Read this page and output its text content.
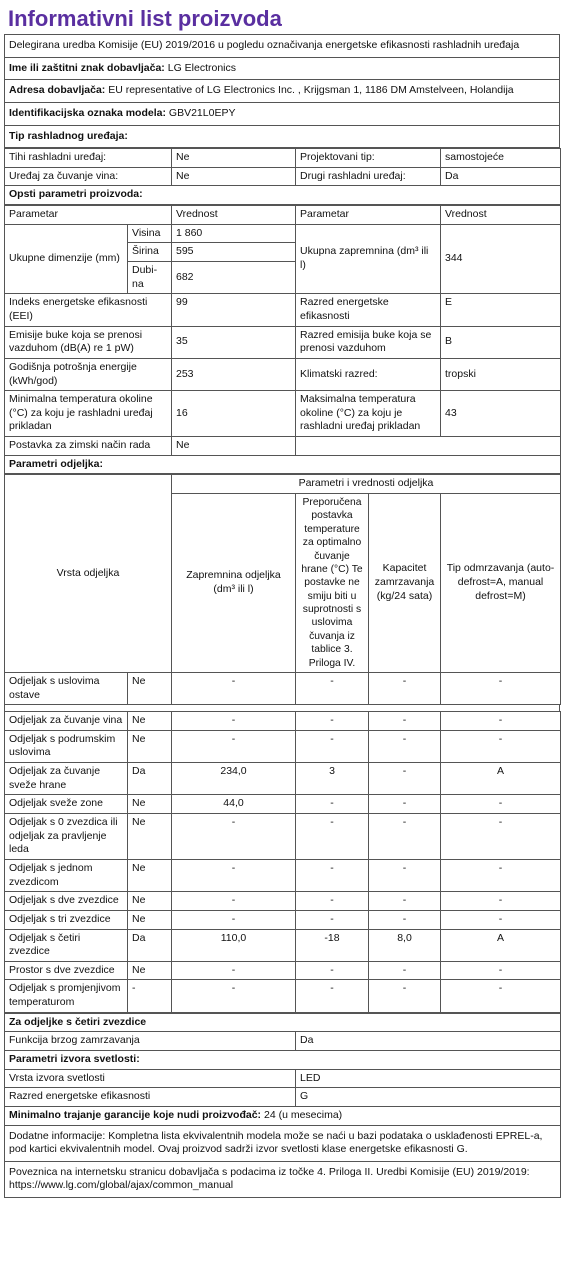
Informativni list proizvoda
Delegirana uredba Komisije (EU) 2019/2016 u pogledu označivanja energetske efikasnosti rashladnih uređaja
Ime ili zaštitni znak dobavljača: LG Electronics
Adresa dobavljača: EU representative of LG Electronics Inc. , Krijgsman 1, 1186 DM Amstelveen, Holandija
Identifikacijska oznaka modela: GBV21L0EPY
Tip rashladnog uređaja:
Tihi rashladni uređaj:	Ne	Projektovani tip:	samostojeće
Uređaj za čuvanje vina:	Ne	Drugi rashladni uređaj:	Da
Opsti parametri proizvoda:			
Parametar		Vrednost	Parametar	Vrednost
Ukupne dimenzije (mm)	Visina	1 860	Ukupna zapremnina (dm³ ili l)	344
	Širina	595		
	Dubi-na	682		
Indeks energetske efikasnosti (EEI)		99	Razred energetske efikasnosti	E
Emisije buke koja se prenosi vazduhom (dB(A) re 1 pW)		35	Razred emisija buke koja se prenosi vazduhom	B
Godišnja potrošnja energije (kWh/god)		253	Klimatski razred:	tropski
Minimalna temperatura okoline (°C) za koju je rashladni uređaj prikladan		16	Maksimalna temperatura okoline (°C) za koju je rashladni uređaj prikladan	43
Postavka za zimski način rada		Ne		
Parametri odjeljka:				
Vrsta odjeljka		Parametri i vrednosti odjeljka			
		Zapremnina odjeljka (dm³ ili l)	Preporučena postavka temperature za optimalno čuvanje hrane (°C) Te postavke ne smiju biti u suprotnosti s uslovima čuvanja iz tablice 3. Priloga IV.	Kapacitet zamrzavanja (kg/24 sata)	Tip odmrzavanja (auto-defrost=A, manual defrost=M)
Odjeljak s uslovima ostave	Ne	-	-	-	-
Odjeljak za čuvanje vina	Ne	-	-	-	-
Odjeljak s podrumskim uslovima	Ne	-	-	-	-
Odjeljak za čuvanje sveže hrane	Da	234,0	3	-	A
Odjeljak sveže zone	Ne	44,0	-	-	-
Odjeljak s 0 zvezdica ili odjeljak za pravljenje leda	Ne	-	-	-	-
Odjeljak s jednom zvezdicom	Ne	-	-	-	-
Odjeljak s dve zvezdice	Ne	-	-	-	-
Odjeljak s tri zvezdice	Ne	-	-	-	-
Odjeljak s četiri zvezdice	Da	110,0	-18	8,0	A
Prostor s dve zvezdice	Ne	-	-	-	-
Odjeljak s promjenjivom temperaturom	-	-	-	-	-
Za odjeljke s četiri zvezdice	
Funkcija brzog zamrzavanja	Da
Parametri izvora svetlosti:	
Vrsta izvora svetlosti	LED
Razred energetske efikasnosti	G
Minimalno trajanje garancije koje nudi proizvođač: 24 (u mesecima)	
Dodatne informacije: Kompletna lista ekvivalentnih modela može se naći u bazi podataka o usklađenosti EPREL-a, pod kartici ekvivalentnih model. Ovaj proizvod sadrži izvor svetlosti klase energetske efikasnosti G.	
Poveznica na internetsku stranicu dobavljača s podacima iz točke 4. Priloga II. Uredbi Komisije (EU) 2019/2019: https://www.lg.com/global/ajax/common_manual	
